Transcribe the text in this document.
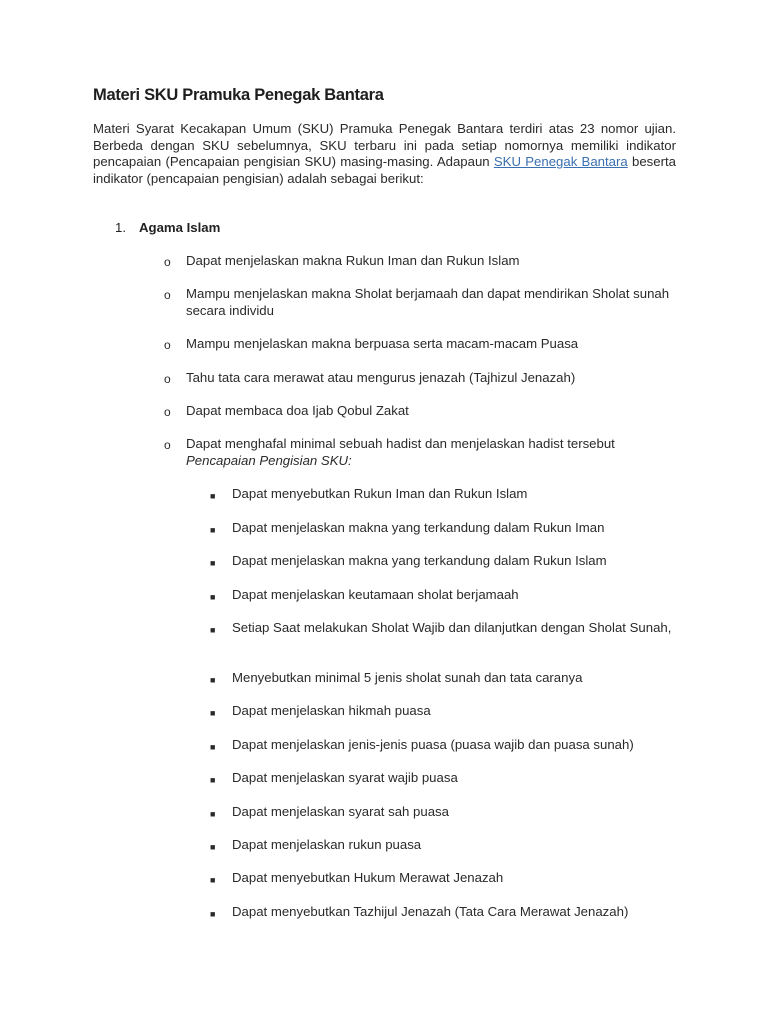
Materi SKU Pramuka Penegak Bantara

Materi Syarat Kecakapan Umum (SKU) Pramuka Penegak Bantara terdiri atas 23 nomor ujian. Berbeda dengan SKU sebelumnya, SKU terbaru ini pada setiap nomornya memiliki indikator pencapaian (Pencapaian pengisian SKU) masing-masing. Adapaun SKU Penegak Bantara beserta indikator (pencapaian pengisian) adalah sebagai berikut:

1. Agama Islam
o Dapat menjelaskan makna Rukun Iman dan Rukun Islam
o Mampu menjelaskan makna Sholat berjamaah dan dapat mendirikan Sholat sunah secara individu
o Mampu menjelaskan makna berpuasa serta macam-macam Puasa
o Tahu tata cara merawat atau mengurus jenazah (Tajhizul Jenazah)
o Dapat membaca doa Ijab Qobul Zakat
o Dapat menghafal minimal sebuah hadist dan menjelaskan hadist tersebut
Pencapaian Pengisian SKU:
■ Dapat menyebutkan Rukun Iman dan Rukun Islam
■ Dapat menjelaskan makna yang terkandung dalam Rukun Iman
■ Dapat menjelaskan makna yang terkandung dalam Rukun Islam
■ Dapat menjelaskan keutamaan sholat berjamaah
■ Setiap Saat melakukan Sholat Wajib dan dilanjutkan dengan Sholat Sunah,
■ Menyebutkan minimal 5 jenis sholat sunah dan tata caranya
■ Dapat menjelaskan hikmah puasa
■ Dapat menjelaskan jenis-jenis puasa (puasa wajib dan puasa sunah)
■ Dapat menjelaskan syarat wajib puasa
■ Dapat menjelaskan syarat sah puasa
■ Dapat menjelaskan rukun puasa
■ Dapat menyebutkan Hukum Merawat Jenazah
■ Dapat menyebutkan Tazhijul Jenazah (Tata Cara Merawat Jenazah)
